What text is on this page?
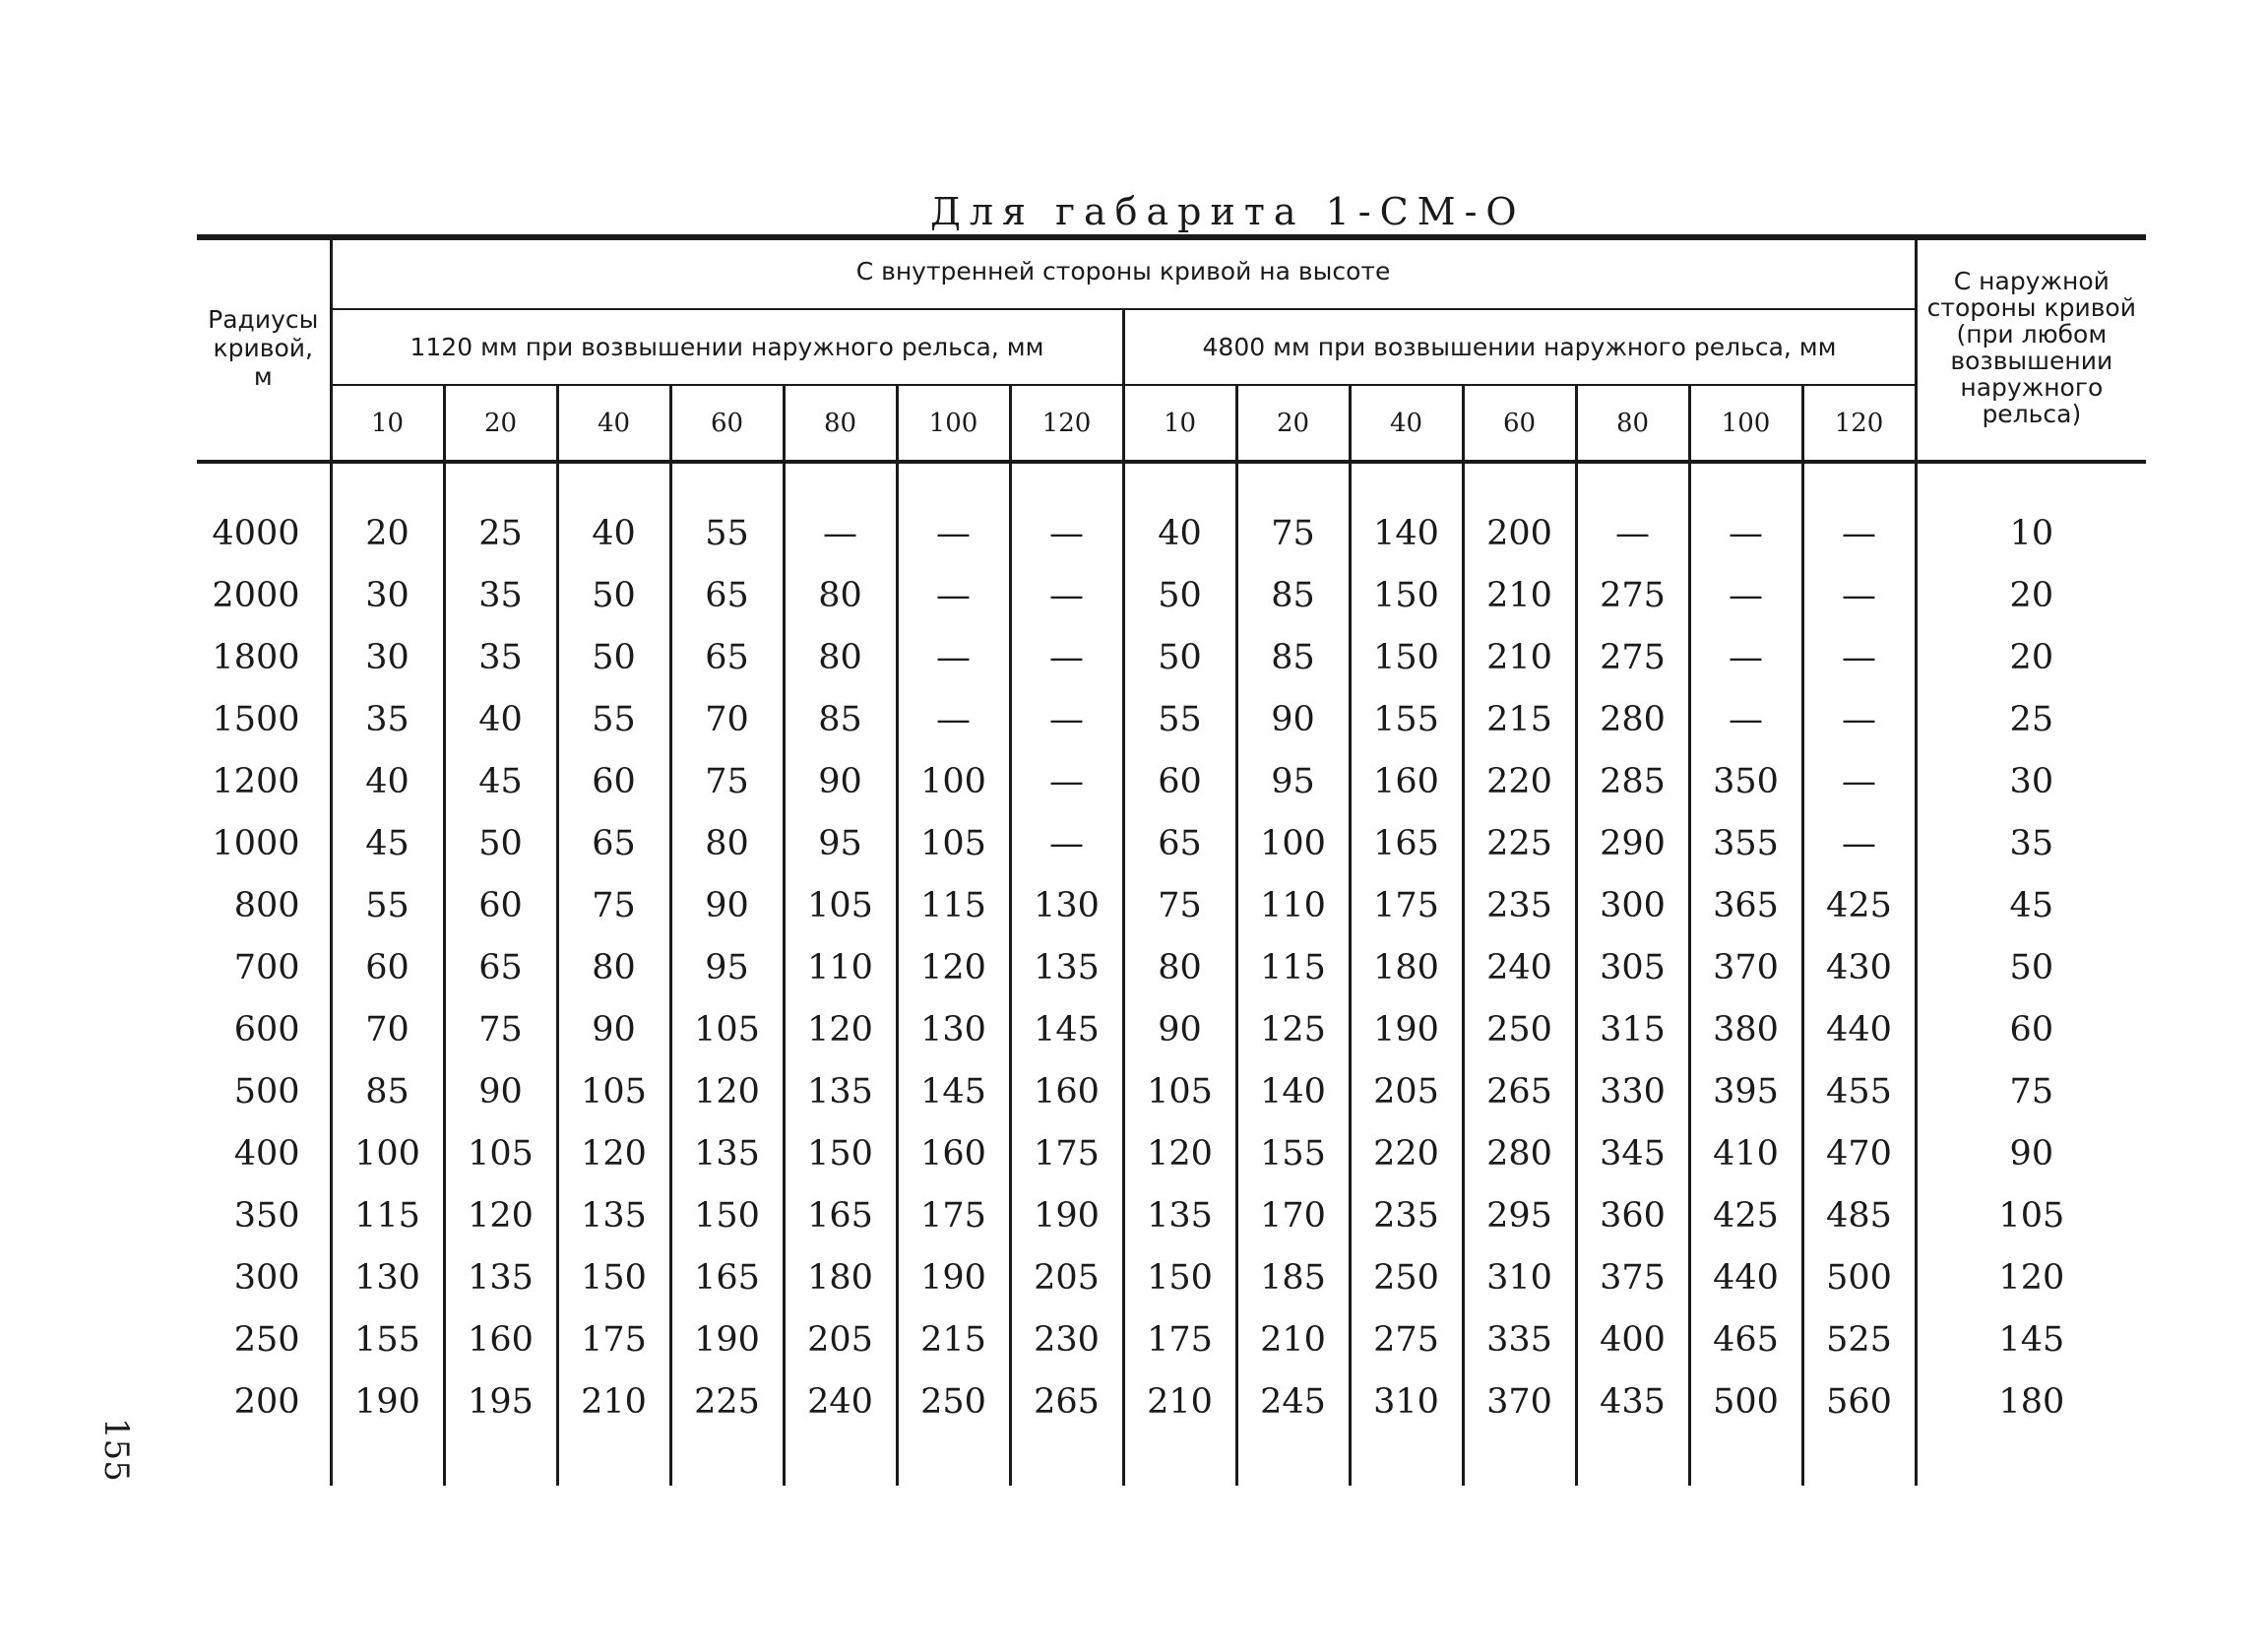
Для габарита 1-СМ-О
Радиусы кривой, м	С внутренней стороны кривой на высоте														С наружной стороны кривой (при любом возвышении наружного рельса)
	1120 мм при возвышении наружного рельса, мм							4800 мм при возвышении наружного рельса, мм							
	10	20	40	60	80	100	120	10	20	40	60	80	100	120	

4000	20	25	40	55	—	—	—	40	75	140	200	—	—	—	10
2000	30	35	50	65	80	—	—	50	85	150	210	275	—	—	20
1800	30	35	50	65	80	—	—	50	85	150	210	275	—	—	20
1500	35	40	55	70	85	—	—	55	90	155	215	280	—	—	25
1200	40	45	60	75	90	100	—	60	95	160	220	285	350	—	30
1000	45	50	65	80	95	105	—	65	100	165	225	290	355	—	35
800	55	60	75	90	105	115	130	75	110	175	235	300	365	425	45
700	60	65	80	95	110	120	135	80	115	180	240	305	370	430	50
600	70	75	90	105	120	130	145	90	125	190	250	315	380	440	60
500	85	90	105	120	135	145	160	105	140	205	265	330	395	455	75
400	100	105	120	135	150	160	175	120	155	220	280	345	410	470	90
350	115	120	135	150	165	175	190	135	170	235	295	360	425	485	105
300	130	135	150	165	180	190	205	150	185	250	310	375	440	500	120
250	155	160	175	190	205	215	230	175	210	275	335	400	465	525	145
200	190	195	210	225	240	250	265	210	245	310	370	435	500	560	180

155
